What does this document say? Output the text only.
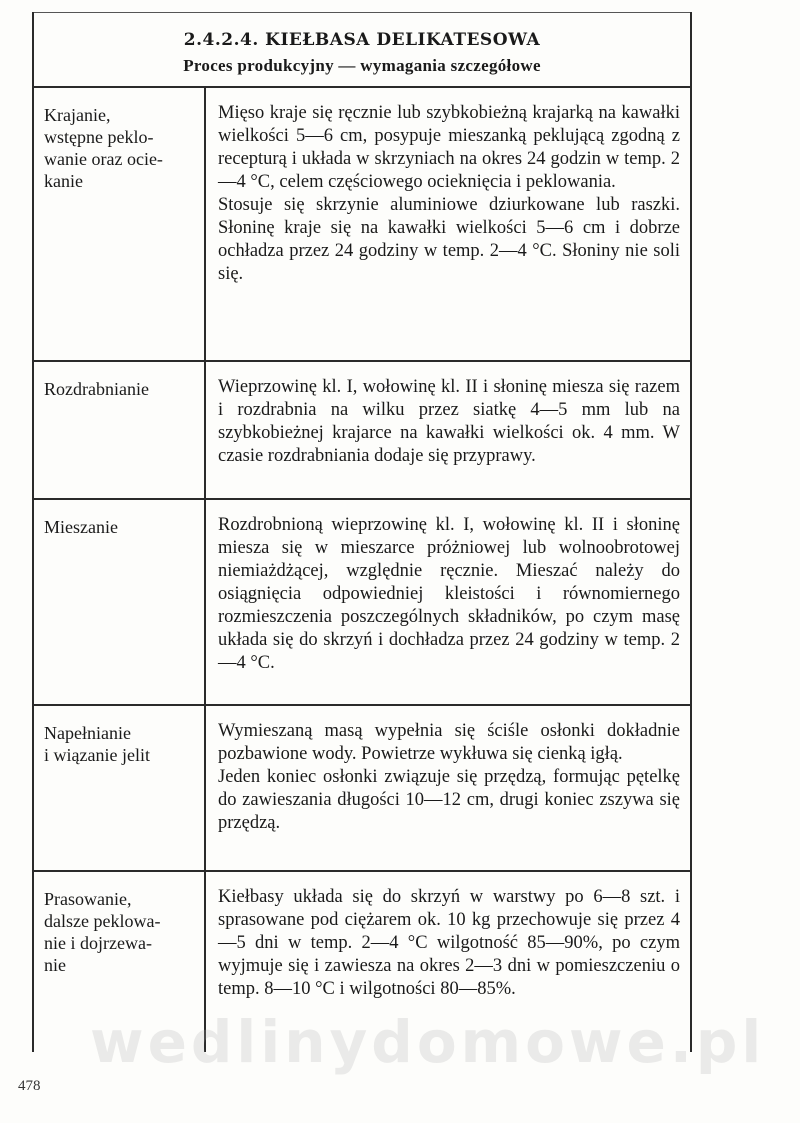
2.4.2.4. KIEŁBASA DELIKATESOWA
Proces produkcyjny — wymagania szczegółowe
Krajanie,
wstępne peklo-
wanie oraz ocie-
kanie

Mięso kraje się ręcznie lub szybkobieżną krajarką na kawałki wielkości 5—6 cm, posypuje mieszanką peklującą zgodną z recepturą i układa w skrzyniach na okres 24 godzin w temp. 2—4 °C, celem częściowego ocieknięcia i peklowania.

Stosuje się skrzynie aluminiowe dziurkowane lub raszki. Słoninę kraje się na kawałki wielkości 5—6 cm i dobrze ochładza przez 24 godziny w temp. 2—4 °C. Słoniny nie soli się.

Rozdrabnianie	Wieprzowinę kl. I, wołowinę kl. II i słoninę miesza się razem i rozdrabnia na wilku przez siatkę 4—5 mm lub na szybkobieżnej krajarce na kawałki wielkości ok. 4 mm. W czasie rozdrabniania dodaje się przyprawy.

Mieszanie	Rozdrobnioną wieprzowinę kl. I, wołowinę kl. II i słoninę miesza się w mieszarce próżniowej lub wolnoobrotowej niemiażdżącej, względnie ręcznie. Mieszać należy do osiągnięcia odpowiedniej kleistości i równomiernego rozmieszczenia poszczególnych składników, po czym masę układa się do skrzyń i dochładza przez 24 godziny w temp. 2—4 °C.

Napełnianie
i wiązanie jelit

Wymieszaną masą wypełnia się ściśle osłonki dokładnie pozbawione wody. Powietrze wykłuwa się cienką igłą.

Jeden koniec osłonki związuje się przędzą, formując pętelkę do zawieszania długości 10—12 cm, drugi koniec zszywa się przędzą.

Prasowanie,
dalsze peklowa-
nie i dojrzewa-
nie

Kiełbasy układa się do skrzyń w warstwy po 6—8 szt. i sprasowane pod ciężarem ok. 10 kg przechowuje się przez 4—5 dni w temp. 2—4 °C wilgotność 85—90%, po czym wyjmuje się i zawiesza na okres 2—3 dni w pomieszczeniu o temp. 8—10 °C i wilgotności 80—85%.

wedlinydomowe.pl
478
